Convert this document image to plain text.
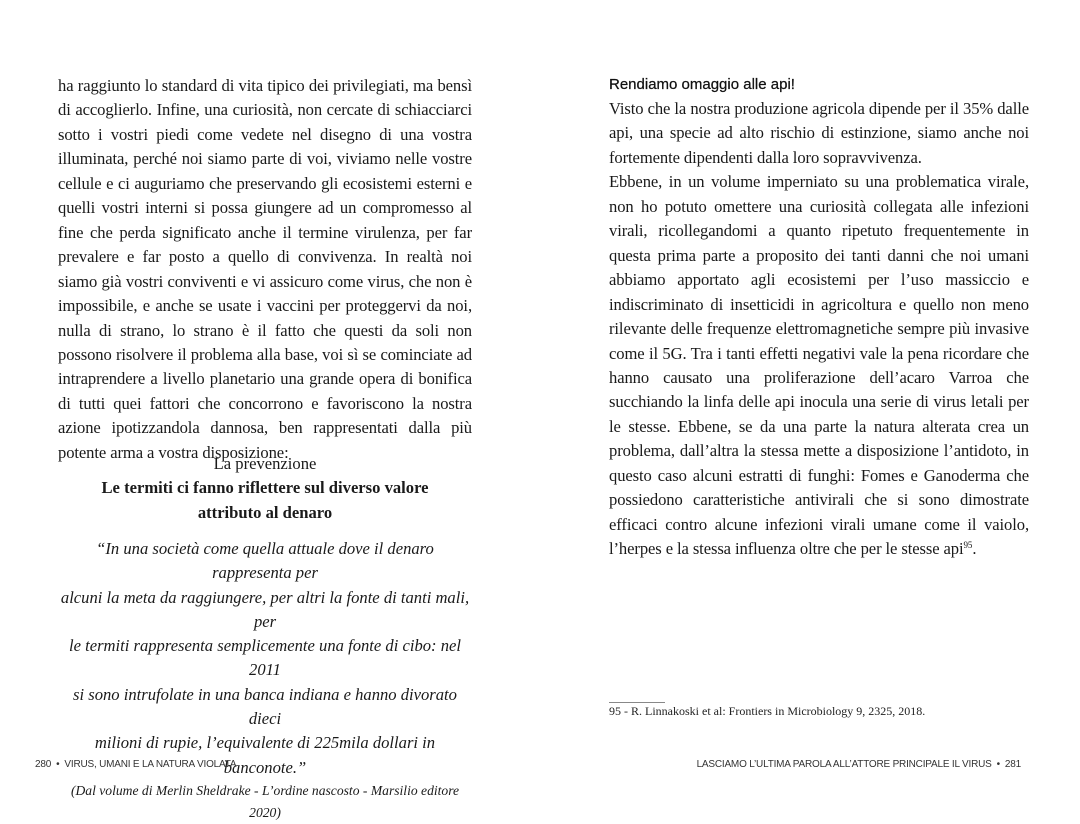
ha raggiunto lo standard di vita tipico dei privilegiati, ma bensì di accoglierlo. Infine, una curiosità, non cercate di schiacciarci sotto i vostri piedi come vedete nel disegno di una vostra illuminata, perché noi siamo parte di voi, viviamo nelle vostre cellule e ci auguriamo che preservando gli ecosistemi esterni e quelli vostri interni si possa giungere ad un compromesso al fine che perda significato anche il termine virulenza, per far prevalere e far posto a quello di convivenza. In realtà noi siamo già vostri conviventi e vi assicuro come virus, che non è impossibile, e anche se usate i vaccini per proteggervi da noi, nulla di strano, lo strano è il fatto che questi da soli non possono risolvere il problema alla base, voi sì se cominciate ad intraprendere a livello planetario una grande opera di bonifica di tutti quei fattori che concorrono e favoriscono la nostra azione ipotizzandola dannosa, ben rappresentati dalla più potente arma a vostra disposizione:

La prevenzione
Le termiti ci fanno riflettere sul diverso valore
attributo al denaro
“In una società come quella attuale dove il denaro rappresenta per
alcuni la meta da raggiungere, per altri la fonte di tanti mali, per
le termiti rappresenta semplicemente una fonte di cibo: nel 2011
si sono intrufolate in una banca indiana e hanno divorato dieci
milioni di rupie, l’equivalente di 225mila dollari in banconote.”
(Dal volume di Merlin Sheldrake - L’ordine nascosto - Marsilio editore 2020)
280 • VIRUS, UMANI E LA NATURA VIOLATA
Rendiamo omaggio alle api!

Visto che la nostra produzione agricola dipende per il 35% dalle api, una specie ad alto rischio di estinzione, siamo anche noi fortemente dipendenti dalla loro sopravvivenza.

Ebbene, in un volume imperniato su una problematica virale, non ho potuto omettere una curiosità collegata alle infezioni virali, ricollegandomi a quanto ripetuto frequentemente in questa prima parte a proposito dei tanti danni che noi umani abbiamo apportato agli ecosistemi per l’uso massiccio e indiscriminato di insetticidi in agricoltura e quello non meno rilevante delle frequenze elettromagnetiche sempre più invasive come il 5G. Tra i tanti effetti negativi vale la pena ricordare che hanno causato una proliferazione dell’acaro Varroa che succhiando la linfa delle api inocula una serie di virus letali per le stesse. Ebbene, se da una parte la natura alterata crea un problema, dall’altra la stessa mette a disposizione l’antidoto, in questo caso alcuni estratti di funghi: Fomes e Ganoderma che possiedono caratteristiche antivirali che si sono dimostrate efficaci contro alcune infezioni virali umane come il vaiolo, l’herpes e la stessa influenza oltre che per le stesse api$^{95}$.

95 - R. Linnakoski et al: Frontiers in Microbiology 9, 2325, 2018.
LASCIAMO L’ULTIMA PAROLA ALL’ATTORE PRINCIPALE IL VIRUS • 281
